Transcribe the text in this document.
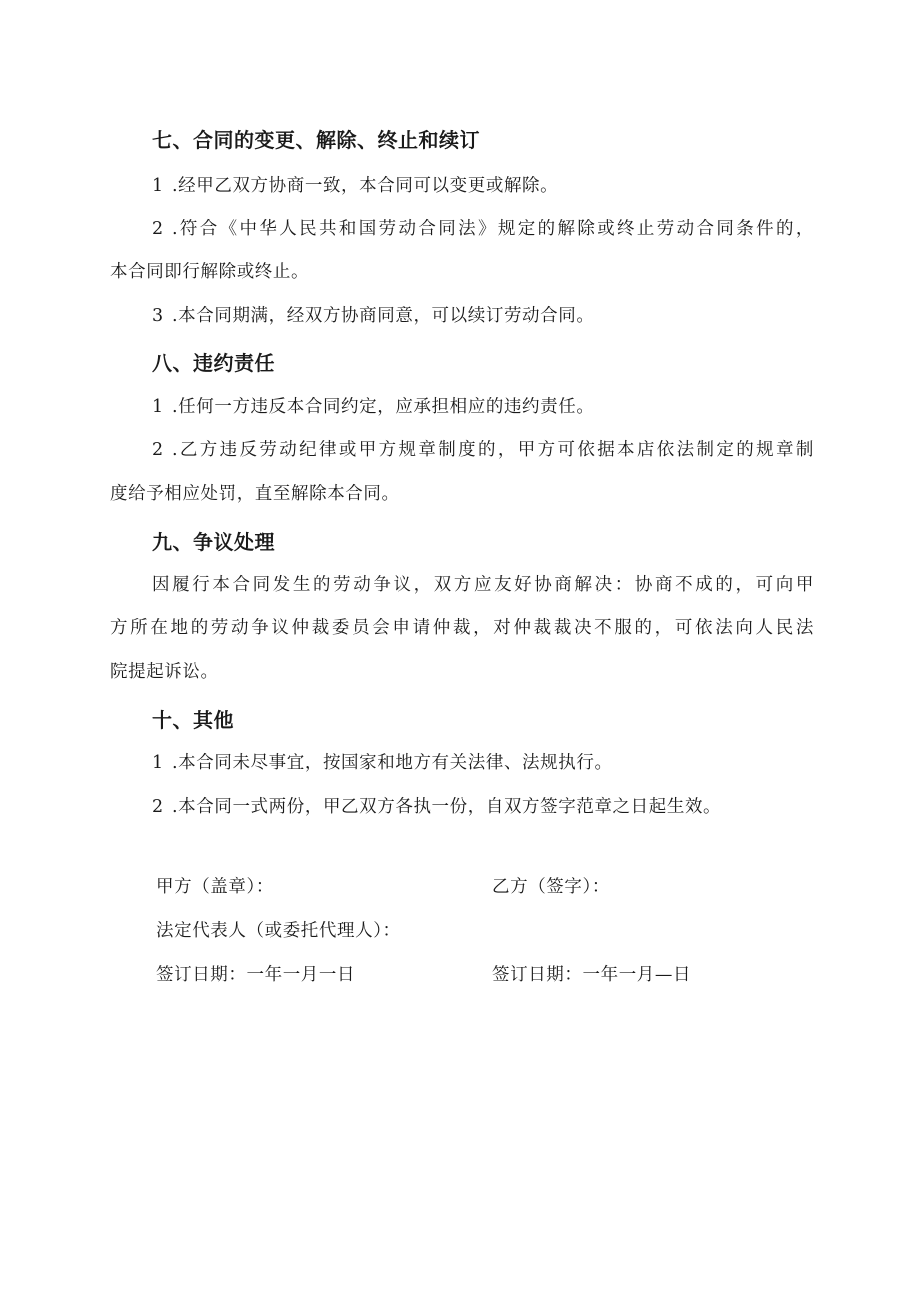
七、合同的变更、解除、终止和续订
1 .经甲乙双方协商一致，本合同可以变更或解除。
2 .符合《中华人民共和国劳动合同法》规定的解除或终止劳动合同条件的，
本合同即行解除或终止。
3 .本合同期满，经双方协商同意，可以续订劳动合同。
八、违约责任
1 .任何一方违反本合同约定，应承担相应的违约责任。
2 .乙方违反劳动纪律或甲方规章制度的，甲方可依据本店依法制定的规章制
度给予相应处罚，直至解除本合同。
九、争议处理
因履行本合同发生的劳动争议，双方应友好协商解决：协商不成的，可向甲
方所在地的劳动争议仲裁委员会申请仲裁，对仲裁裁决不服的，可依法向人民法
院提起诉讼。
十、其他
1 .本合同未尽事宜，按国家和地方有关法律、法规执行。
2 .本合同一式两份，甲乙双方各执一份，自双方签字范章之日起生效。
甲方（盖章）：	乙方（签字）：
法定代表人（或委托代理人）：
签订日期：一年一月一日	签订日期：一年一月—日
